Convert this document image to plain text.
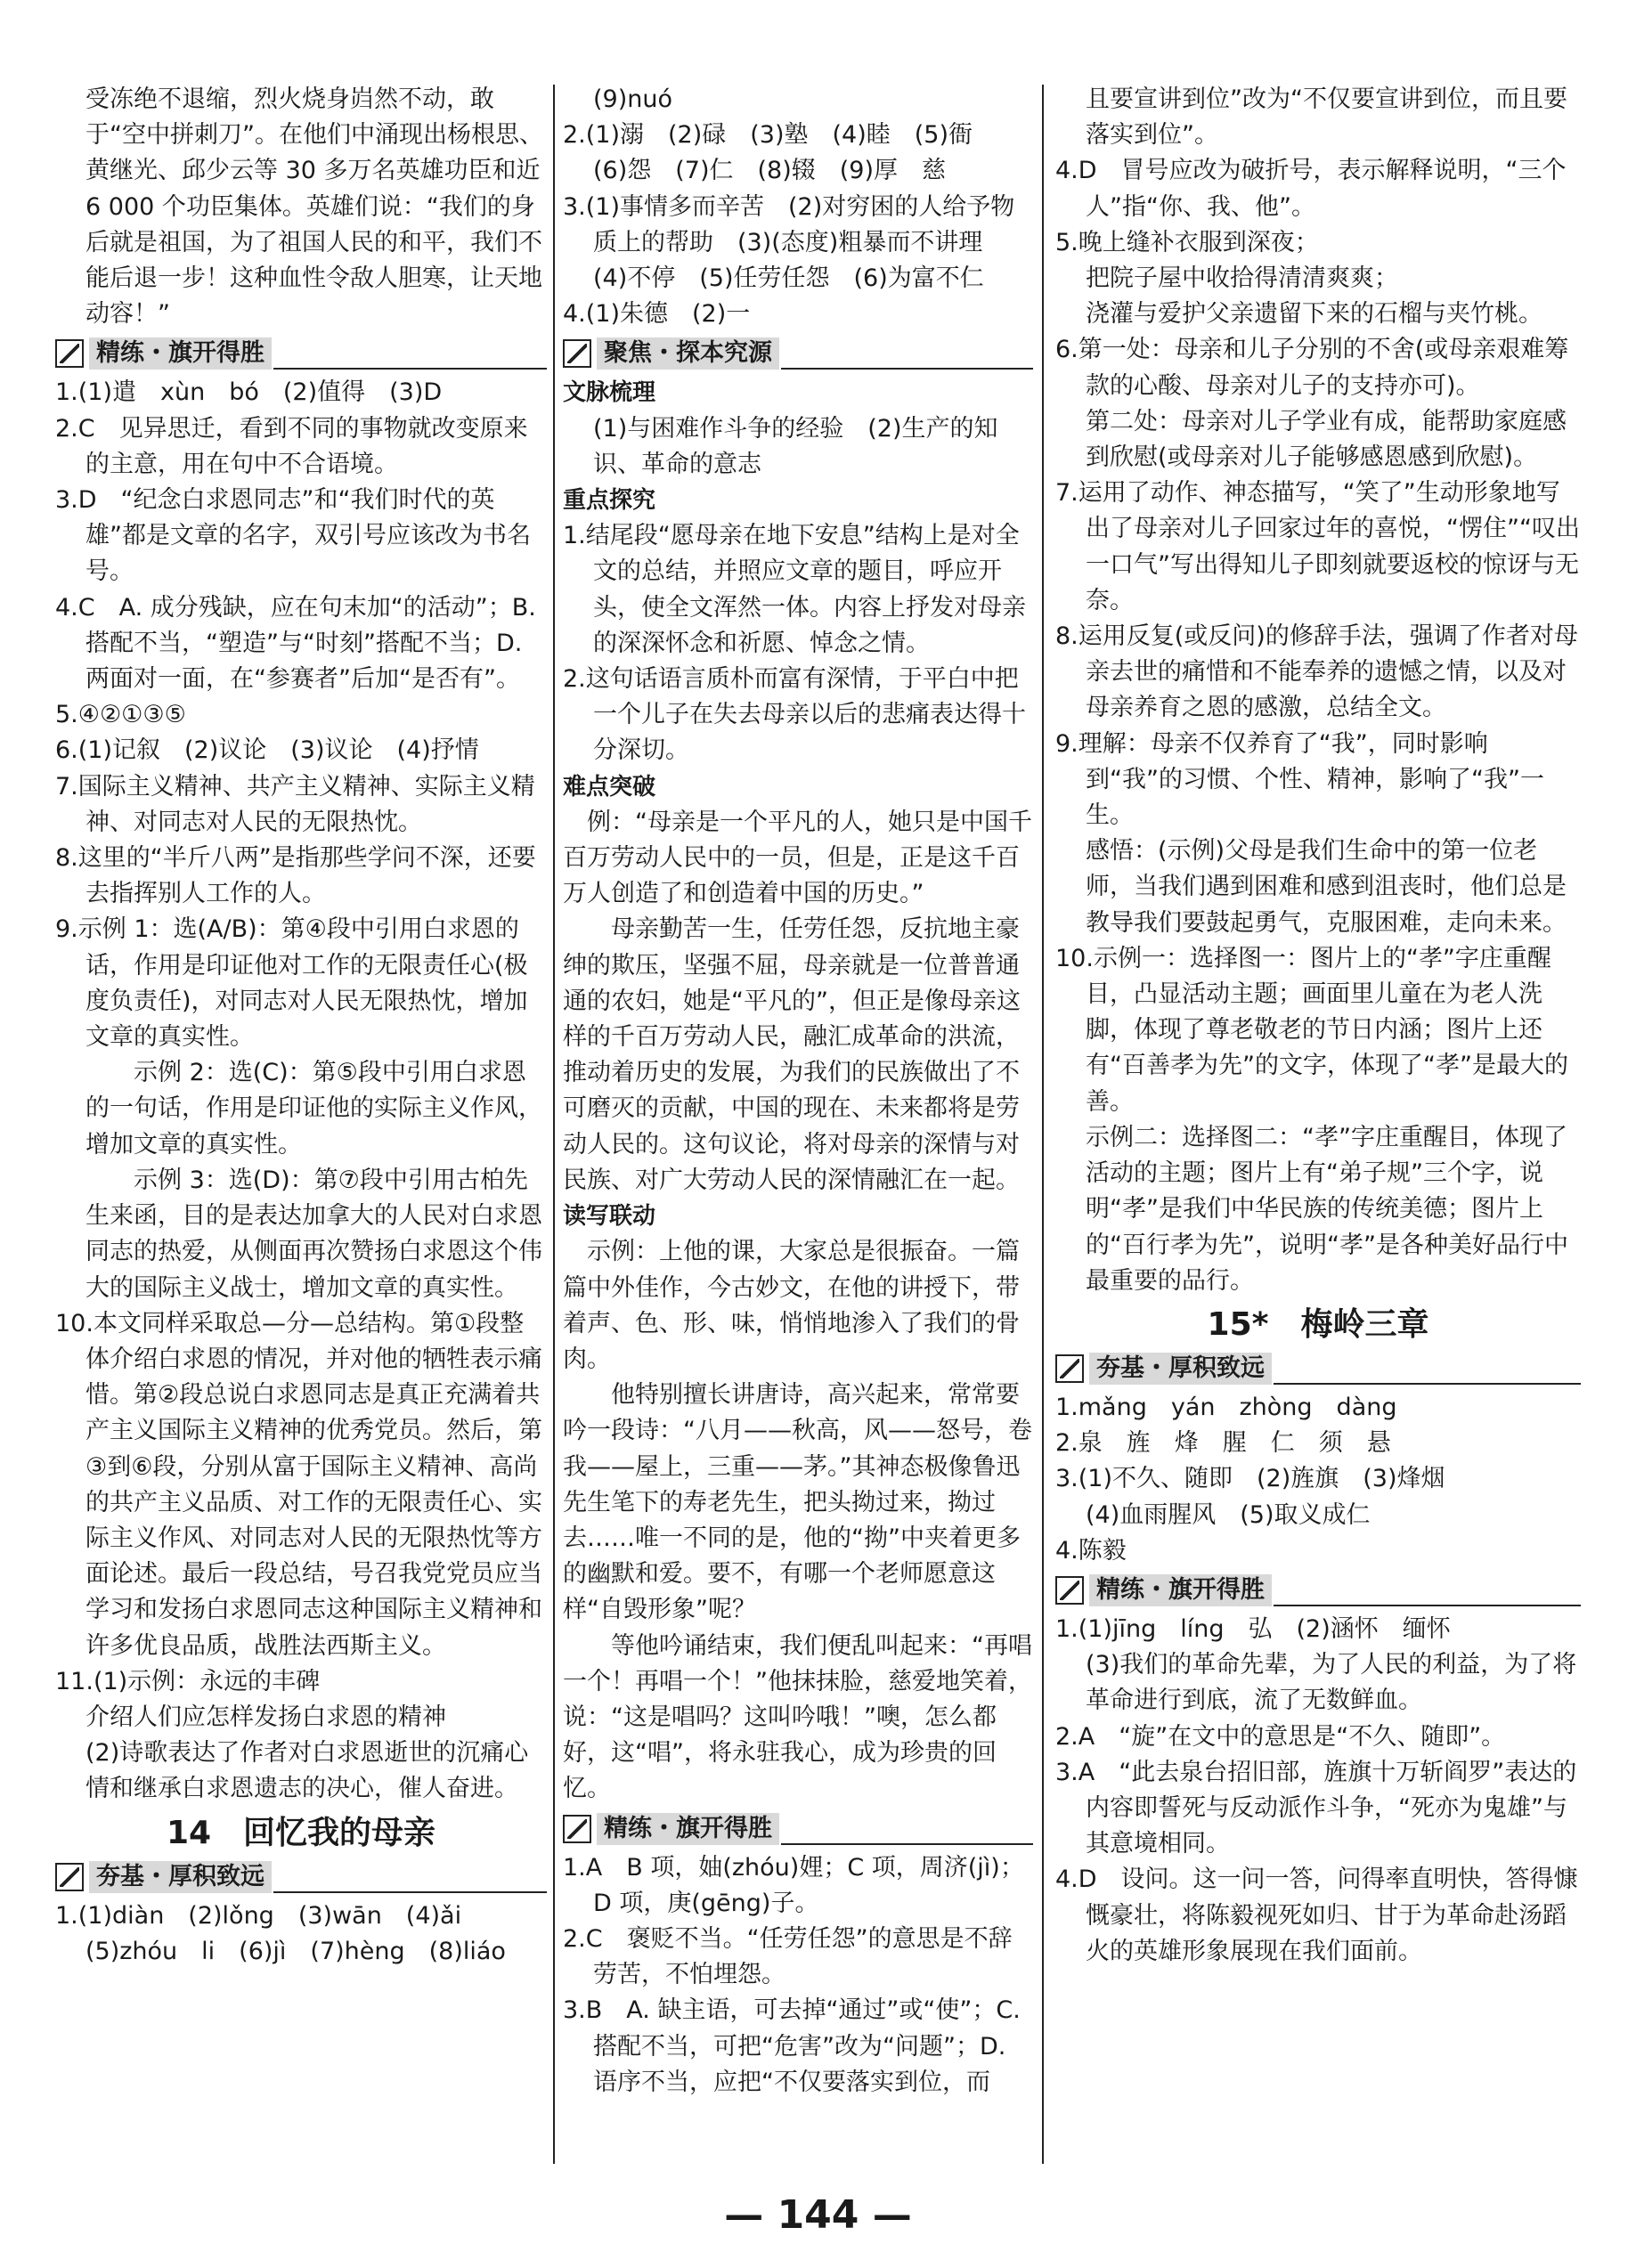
受冻绝不退缩，烈火烧身岿然不动，敢于“空中拼刺刀”。在他们中涌现出杨根思、黄继光、邱少云等 30 多万名英雄功臣和近 6 000 个功臣集体。英雄们说：“我们的身后就是祖国，为了祖国人民的和平，我们不能后退一步！这种血性令敌人胆寒，让天地动容！”

精练・旗开得胜

1.(1)遣　xùn　bó　(2)值得　(3)D

2.C　见异思迁，看到不同的事物就改变原来的主意，用在句中不合语境。

3.D　“纪念白求恩同志”和“我们时代的英雄”都是文章的名字，双引号应该改为书名号。

4.C　A. 成分残缺，应在句末加“的活动”；B. 搭配不当，“塑造”与“时刻”搭配不当；D. 两面对一面，在“参赛者”后加“是否有”。

5.④②①③⑤

6.(1)记叙　(2)议论　(3)议论　(4)抒情

7.国际主义精神、共产主义精神、实际主义精神、对同志对人民的无限热忱。

8.这里的“半斤八两”是指那些学问不深，还要去指挥别人工作的人。

9.示例 1：选(A/B)：第④段中引用白求恩的话，作用是印证他对工作的无限责任心(极度负责任)，对同志对人民无限热忱，增加文章的真实性。

示例 2：选(C)：第⑤段中引用白求恩的一句话，作用是印证他的实际主义作风，增加文章的真实性。

示例 3：选(D)：第⑦段中引用古柏先生来函，目的是表达加拿大的人民对白求恩同志的热爱，从侧面再次赞扬白求恩这个伟大的国际主义战士，增加文章的真实性。

10.本文同样采取总—分—总结构。第①段整体介绍白求恩的情况，并对他的牺牲表示痛惜。第②段总说白求恩同志是真正充满着共产主义国际主义精神的优秀党员。然后，第③到⑥段，分别从富于国际主义精神、高尚的共产主义品质、对工作的无限责任心、实际主义作风、对同志对人民的无限热忱等方面论述。最后一段总结，号召我党党员应当学习和发扬白求恩同志这种国际主义精神和许多优良品质，战胜法西斯主义。

11.(1)示例：永远的丰碑

介绍人们应怎样发扬白求恩的精神

(2)诗歌表达了作者对白求恩逝世的沉痛心情和继承白求恩遗志的决心，催人奋进。

14　回忆我的母亲
夯基・厚积致远

1.(1)diàn　(2)lǒng　(3)wān　(4)ǎi

(5)zhóu　li　(6)jì　(7)hèng　(8)liáo

(9)nuó

2.(1)溺　(2)碌　(3)塾　(4)睦　(5)衙

(6)怨　(7)仁　(8)辍　(9)厚　慈

3.(1)事情多而辛苦　(2)对穷困的人给予物质上的帮助　(3)(态度)粗暴而不讲理　(4)不停　(5)任劳任怨　(6)为富不仁

4.(1)朱德　(2)一

聚焦・探本究源
文脉梳理

(1)与困难作斗争的经验　(2)生产的知识、革命的意志

重点探究

1.结尾段“愿母亲在地下安息”结构上是对全文的总结，并照应文章的题目，呼应开头，使全文浑然一体。内容上抒发对母亲的深深怀念和祈愿、悼念之情。

2.这句话语言质朴而富有深情，于平白中把一个儿子在失去母亲以后的悲痛表达得十分深切。

难点突破

　例：“母亲是一个平凡的人，她只是中国千百万劳动人民中的一员，但是，正是这千百万人创造了和创造着中国的历史。”

母亲勤苦一生，任劳任怨，反抗地主豪绅的欺压，坚强不屈，母亲就是一位普普通通的农妇，她是“平凡的”，但正是像母亲这样的千百万劳动人民，融汇成革命的洪流，推动着历史的发展，为我们的民族做出了不可磨灭的贡献，中国的现在、未来都将是劳动人民的。这句议论，将对母亲的深情与对民族、对广大劳动人民的深情融汇在一起。

读写联动

　示例：上他的课，大家总是很振奋。一篇篇中外佳作，今古妙文，在他的讲授下，带着声、色、形、味，悄悄地渗入了我们的骨肉。

他特别擅长讲唐诗，高兴起来，常常要吟一段诗：“八月——秋高，风——怒号，卷我——屋上，三重——茅。”其神态极像鲁迅先生笔下的寿老先生，把头拗过来，拗过去……唯一不同的是，他的“拗”中夹着更多的幽默和爱。要不，有哪一个老师愿意这样“自毁形象”呢？

等他吟诵结束，我们便乱叫起来：“再唱一个！再唱一个！”他抹抹脸，慈爱地笑着，说：“这是唱吗？这叫吟哦！”噢，怎么都好，这“唱”，将永驻我心，成为珍贵的回忆。

精练・旗开得胜

1.A　B 项，妯(zhóu)娌；C 项，周济(jì)；D 项，庚(gēng)子。

2.C　褒贬不当。“任劳任怨”的意思是不辞劳苦，不怕埋怨。

3.B　A. 缺主语，可去掉“通过”或“使”；C. 搭配不当，可把“危害”改为“问题”；D. 语序不当，应把“不仅要落实到位，而

且要宣讲到位”改为“不仅要宣讲到位，而且要落实到位”。

4.D　冒号应改为破折号，表示解释说明，“三个人”指“你、我、他”。

5.晚上缝补衣服到深夜；

把院子屋中收拾得清清爽爽；

浇灌与爱护父亲遗留下来的石榴与夹竹桃。

6.第一处：母亲和儿子分别的不舍(或母亲艰难筹款的心酸、母亲对儿子的支持亦可)。

第二处：母亲对儿子学业有成，能帮助家庭感到欣慰(或母亲对儿子能够感恩感到欣慰)。

7.运用了动作、神态描写，“笑了”生动形象地写出了母亲对儿子回家过年的喜悦，“愣住”“叹出一口气”写出得知儿子即刻就要返校的惊讶与无奈。

8.运用反复(或反问)的修辞手法，强调了作者对母亲去世的痛惜和不能奉养的遗憾之情，以及对母亲养育之恩的感激，总结全文。

9.理解：母亲不仅养育了“我”，同时影响到“我”的习惯、个性、精神，影响了“我”一生。

感悟：(示例)父母是我们生命中的第一位老师，当我们遇到困难和感到沮丧时，他们总是教导我们要鼓起勇气，克服困难，走向未来。

10.示例一：选择图一：图片上的“孝”字庄重醒目，凸显活动主题；画面里儿童在为老人洗脚，体现了尊老敬老的节日内涵；图片上还有“百善孝为先”的文字，体现了“孝”是最大的善。

示例二：选择图二：“孝”字庄重醒目，体现了活动的主题；图片上有“弟子规”三个字，说明“孝”是我们中华民族的传统美德；图片上的“百行孝为先”，说明“孝”是各种美好品行中最重要的品行。

15*　梅岭三章
夯基・厚积致远

1.mǎng　yán　zhòng　dàng

2.泉　旌　烽　腥　仁　须　悬

3.(1)不久、随即　(2)旌旗　(3)烽烟

(4)血雨腥风　(5)取义成仁

4.陈毅

精练・旗开得胜

1.(1)jīng　líng　弘　(2)涵怀　缅怀

(3)我们的革命先辈，为了人民的利益，为了将革命进行到底，流了无数鲜血。

2.A　“旋”在文中的意思是“不久、随即”。

3.A　“此去泉台招旧部，旌旗十万斩阎罗”表达的内容即誓死与反动派作斗争，“死亦为鬼雄”与其意境相同。

4.D　设问。这一问一答，问得率直明快，答得慷慨豪壮，将陈毅视死如归、甘于为革命赴汤蹈火的英雄形象展现在我们面前。

— 144 —
